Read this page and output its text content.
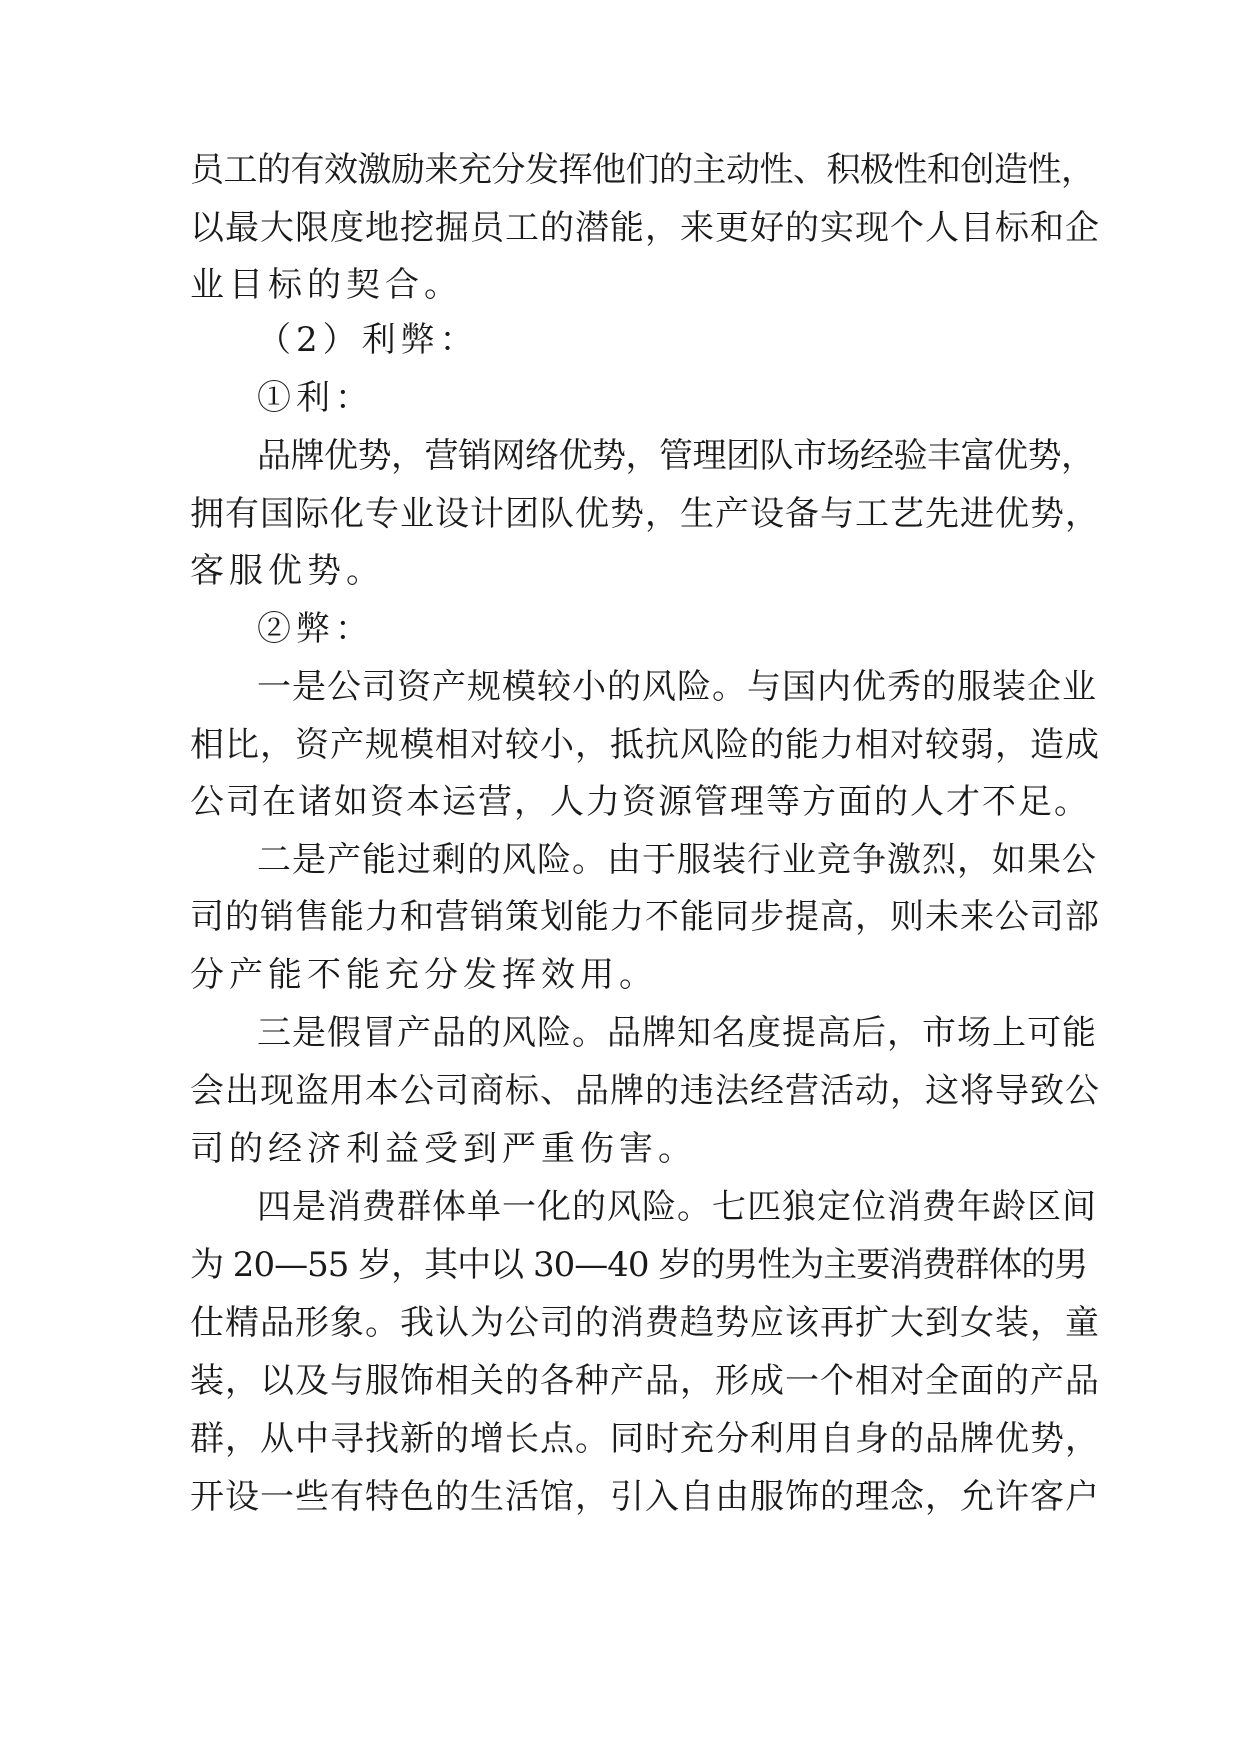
员工的有效激励来充分发挥他们的主动性、积极性和创造性，

以最大限度地挖掘员工的潜能，来更好的实现个人目标和企

业目标的契合。

（2）利弊：

①利：

品牌优势，营销网络优势，管理团队市场经验丰富优势，

拥有国际化专业设计团队优势，生产设备与工艺先进优势，

客服优势。

②弊：

一是公司资产规模较小的风险。与国内优秀的服装企业

相比，资产规模相对较小，抵抗风险的能力相对较弱，造成

公司在诸如资本运营，人力资源管理等方面的人才不足。

二是产能过剩的风险。由于服装行业竞争激烈，如果公

司的销售能力和营销策划能力不能同步提高，则未来公司部

分产能不能充分发挥效用。

三是假冒产品的风险。品牌知名度提高后，市场上可能

会出现盗用本公司商标、品牌的违法经营活动，这将导致公

司的经济利益受到严重伤害。

四是消费群体单一化的风险。七匹狼定位消费年龄区间

为 20—55 岁，其中以 30—40 岁的男性为主要消费群体的男

仕精品形象。我认为公司的消费趋势应该再扩大到女装，童

装，以及与服饰相关的各种产品，形成一个相对全面的产品

群，从中寻找新的增长点。同时充分利用自身的品牌优势，

开设一些有特色的生活馆，引入自由服饰的理念，允许客户
